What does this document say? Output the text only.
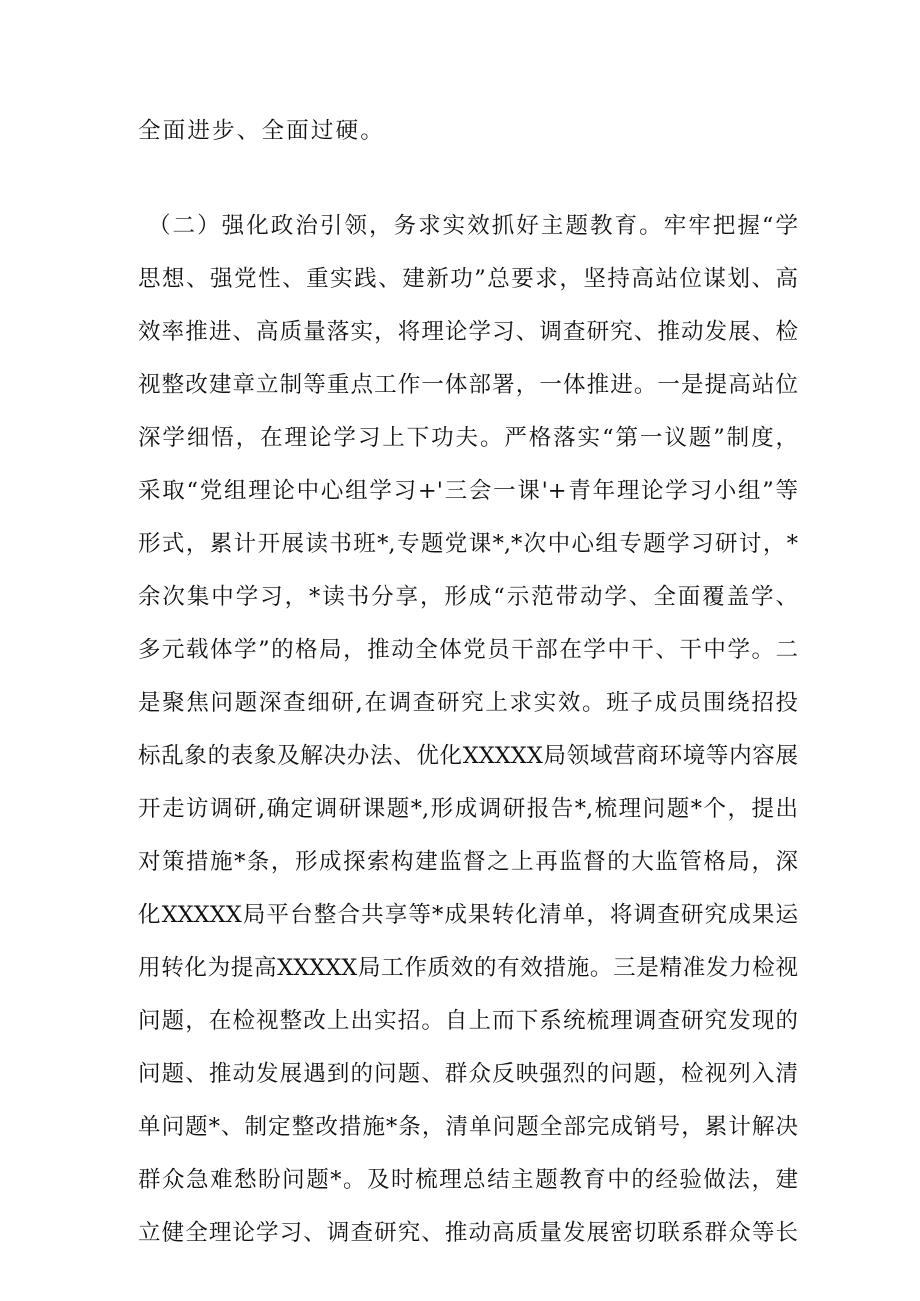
全面进步、全面过硬。
（二）强化政治引领，务求实效抓好主题教育。牢牢把握“学
思想、强党性、重实践、建新功”总要求，坚持高站位谋划、高
效率推进、高质量落实，将理论学习、调查研究、推动发展、检
视整改建章立制等重点工作一体部署，一体推进。一是提高站位
深学细悟，在理论学习上下功夫。严格落实“第一议题”制度，
采取“党组理论中心组学习+'三会一课'+青年理论学习小组”等
形式，累计开展读书班*,专题党课*,*次中心组专题学习研讨，*
余次集中学习，*读书分享，形成“示范带动学、全面覆盖学、
多元载体学”的格局，推动全体党员干部在学中干、干中学。二
是聚焦问题深查细研,在调查研究上求实效。班子成员围绕招投
标乱象的表象及解决办法、优化XXXXX局领域营商环境等内容展
开走访调研,确定调研课题*,形成调研报告*,梳理问题*个，提出
对策措施*条，形成探索构建监督之上再监督的大监管格局，深
化XXXXX局平台整合共享等*成果转化清单，将调查研究成果运
用转化为提高XXXXX局工作质效的有效措施。三是精准发力检视
问题，在检视整改上出实招。自上而下系统梳理调查研究发现的
问题、推动发展遇到的问题、群众反映强烈的问题，检视列入清
单问题*、制定整改措施*条，清单问题全部完成销号，累计解决
群众急难愁盼问题*。及时梳理总结主题教育中的经验做法，建
立健全理论学习、调查研究、推动高质量发展密切联系群众等长
